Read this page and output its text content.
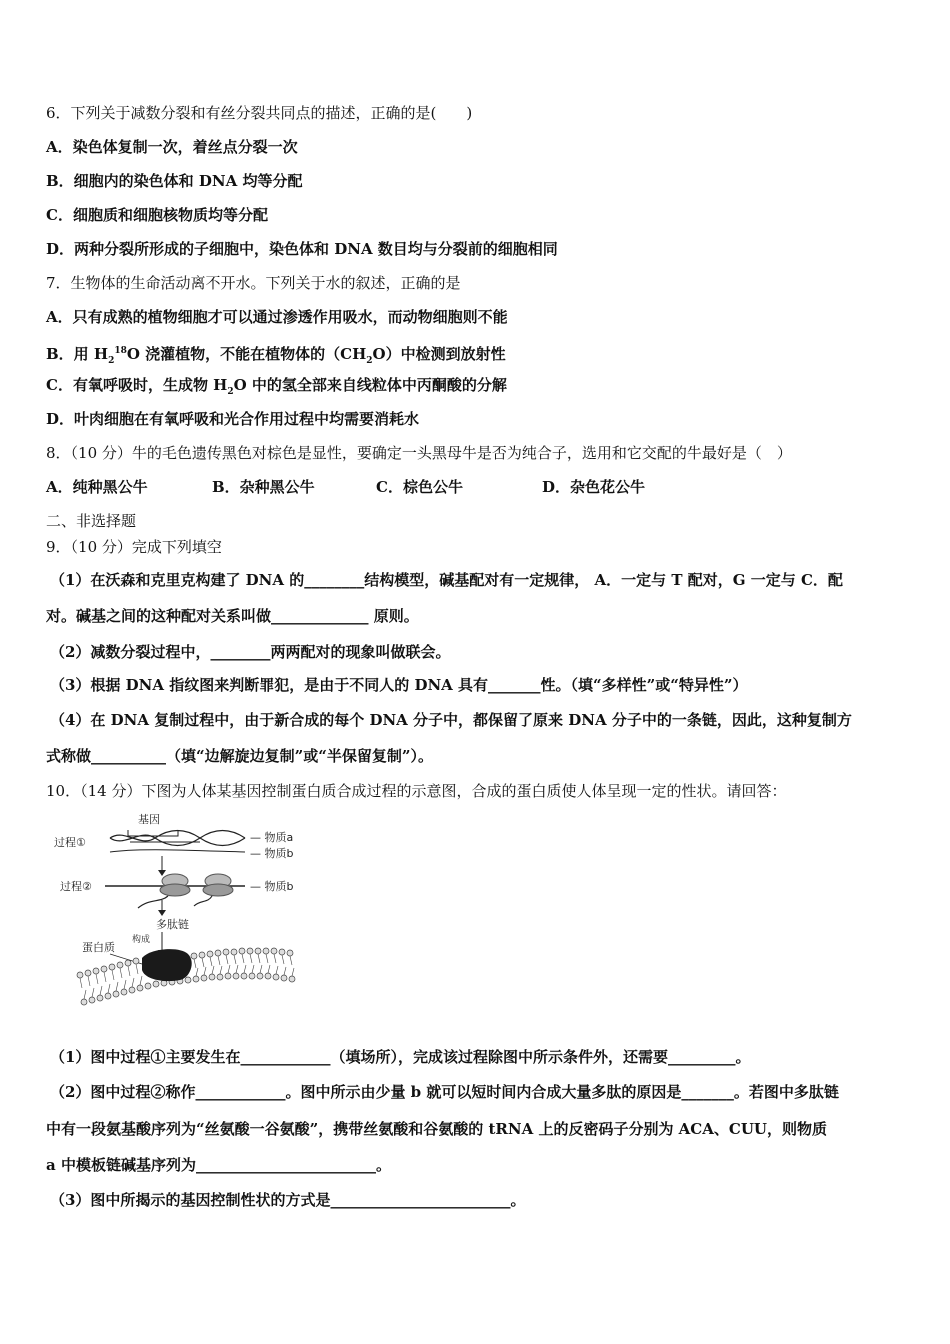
6．下列关于减数分裂和有丝分裂共同点的描述，正确的是(　　)
A．染色体复制一次，着丝点分裂一次
B．细胞内的染色体和 DNA 均等分配
C．细胞质和细胞核物质均等分配
D．两种分裂所形成的子细胞中，染色体和 DNA 数目均与分裂前的细胞相同
7．生物体的生命活动离不开水。下列关于水的叙述，正确的是
A．只有成熟的植物细胞才可以通过渗透作用吸水，而动物细胞则不能
B．用 $H_2^{18}O$ 浇灌植物，不能在植物体的$(CH_2O)$中检测到放射性
C．有氧呼吸时，生成物 $H_2O$ 中的氢全部来自线粒体中丙酮酸的分解
D．叶肉细胞在有氧呼吸和光合作用过程中均需要消耗水
8．（10 分）牛的毛色遗传黑色对棕色是显性，要确定一头黑母牛是否为纯合子，选用和它交配的牛最好是（　）
A．纯种黑公牛	B．杂种黑公牛	C．棕色公牛	D．杂色花公牛
二、非选择题
9．（10 分）完成下列填空
（1）在沃森和克里克构建了 DNA 的________结构模型，碱基配对有一定规律， A．一定与 T 配对，G 一定与 C．配
对。碱基之间的这种配对关系叫做_____________ 原则。
（2）减数分裂过程中，________两两配对的现象叫做联会。
（3）根据 DNA 指纹图来判断罪犯，是由于不同人的 DNA 具有_______性。（填“多样性”或“特异性”）
（4）在 DNA 复制过程中，由于新合成的每个 DNA 分子中，都保留了原来 DNA 分子中的一条链，因此，这种复制方
式称做__________（填“边解旋边复制”或“半保留复制”）。
10．（14 分）下图为人体某基因控制蛋白质合成过程的示意图，合成的蛋白质使人体呈现一定的性状。请回答：
基因
过程①	— 物质a
— 物质b
过程②	— 物质b
多肽链
构成
蛋白质
（1）图中过程①主要发生在____________（填场所），完成该过程除图中所示条件外，还需要_________。
（2）图中过程②称作____________。图中所示由少量 b 就可以短时间内合成大量多肽的原因是_______。若图中多肽链
中有一段氨基酸序列为“丝氨酸一谷氨酸”，携带丝氨酸和谷氨酸的 tRNA 上的反密码子分别为 ACA、CUU，则物质
a 中模板链碱基序列为________________________。
（3）图中所揭示的基因控制性状的方式是________________________。
